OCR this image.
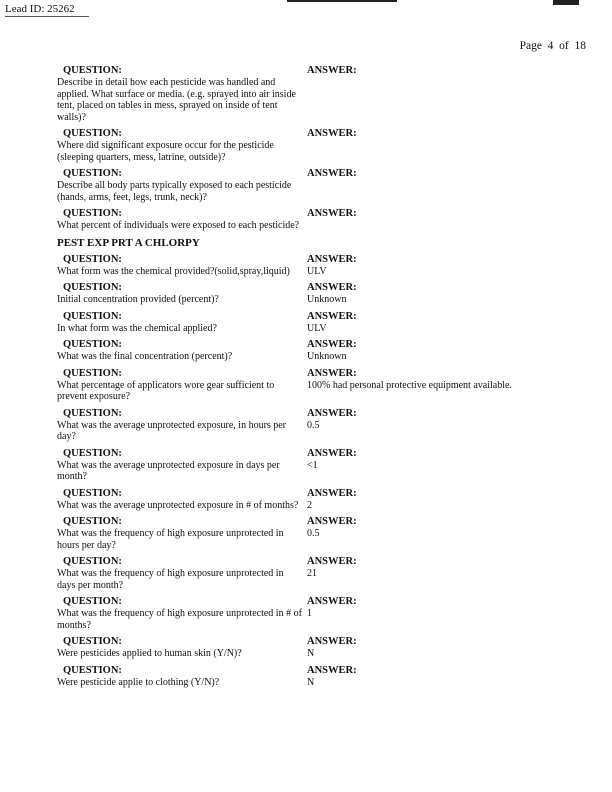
Lead ID: 25262
Page  4  of  18
QUESTION:
Describe in detail how each pesticide was handled and applied. What surface or media. (e.g. sprayed into air inside tent, placed on tables in mess, sprayed on inside of tent walls)?
ANSWER:
QUESTION:
Where did significant exposure occur for the pesticide (sleeping quarters, mess, latrine, outside)?
ANSWER:
QUESTION:
Describe all body parts typically exposed to each pesticide (hands, arms, feet, legs, trunk, neck)?
ANSWER:
QUESTION:
What percent of individuals were exposed to each pesticide?
ANSWER:
PEST EXP PRT A CHLORPY
QUESTION:
What form was the chemical provided?(solid,spray,liquid)
ANSWER:
ULV
QUESTION:
Initial concentration provided (percent)?
ANSWER:
Unknown
QUESTION:
In what form was the chemical applied?
ANSWER:
ULV
QUESTION:
What was the final concentration (percent)?
ANSWER:
Unknown
QUESTION:
What percentage of applicators wore gear sufficient to prevent exposure?
ANSWER:
100% had personal protective equipment available.
QUESTION:
What was the average unprotected exposure, in hours per day?
ANSWER:
0.5
QUESTION:
What was the average unprotected exposure in days per month?
ANSWER:
<1
QUESTION:
What was the average unprotected exposure in # of months?
ANSWER:
2
QUESTION:
What was the frequency of high exposure unprotected in hours per day?
ANSWER:
0.5
QUESTION:
What was the frequency of high exposure unprotected in days per month?
ANSWER:
21
QUESTION:
What was the frequency of high exposure unprotected in # of months?
ANSWER:
1
QUESTION:
Were pesticides applied to human skin (Y/N)?
ANSWER:
N
QUESTION:
Were pesticide applie to clothing (Y/N)?
ANSWER:
N
